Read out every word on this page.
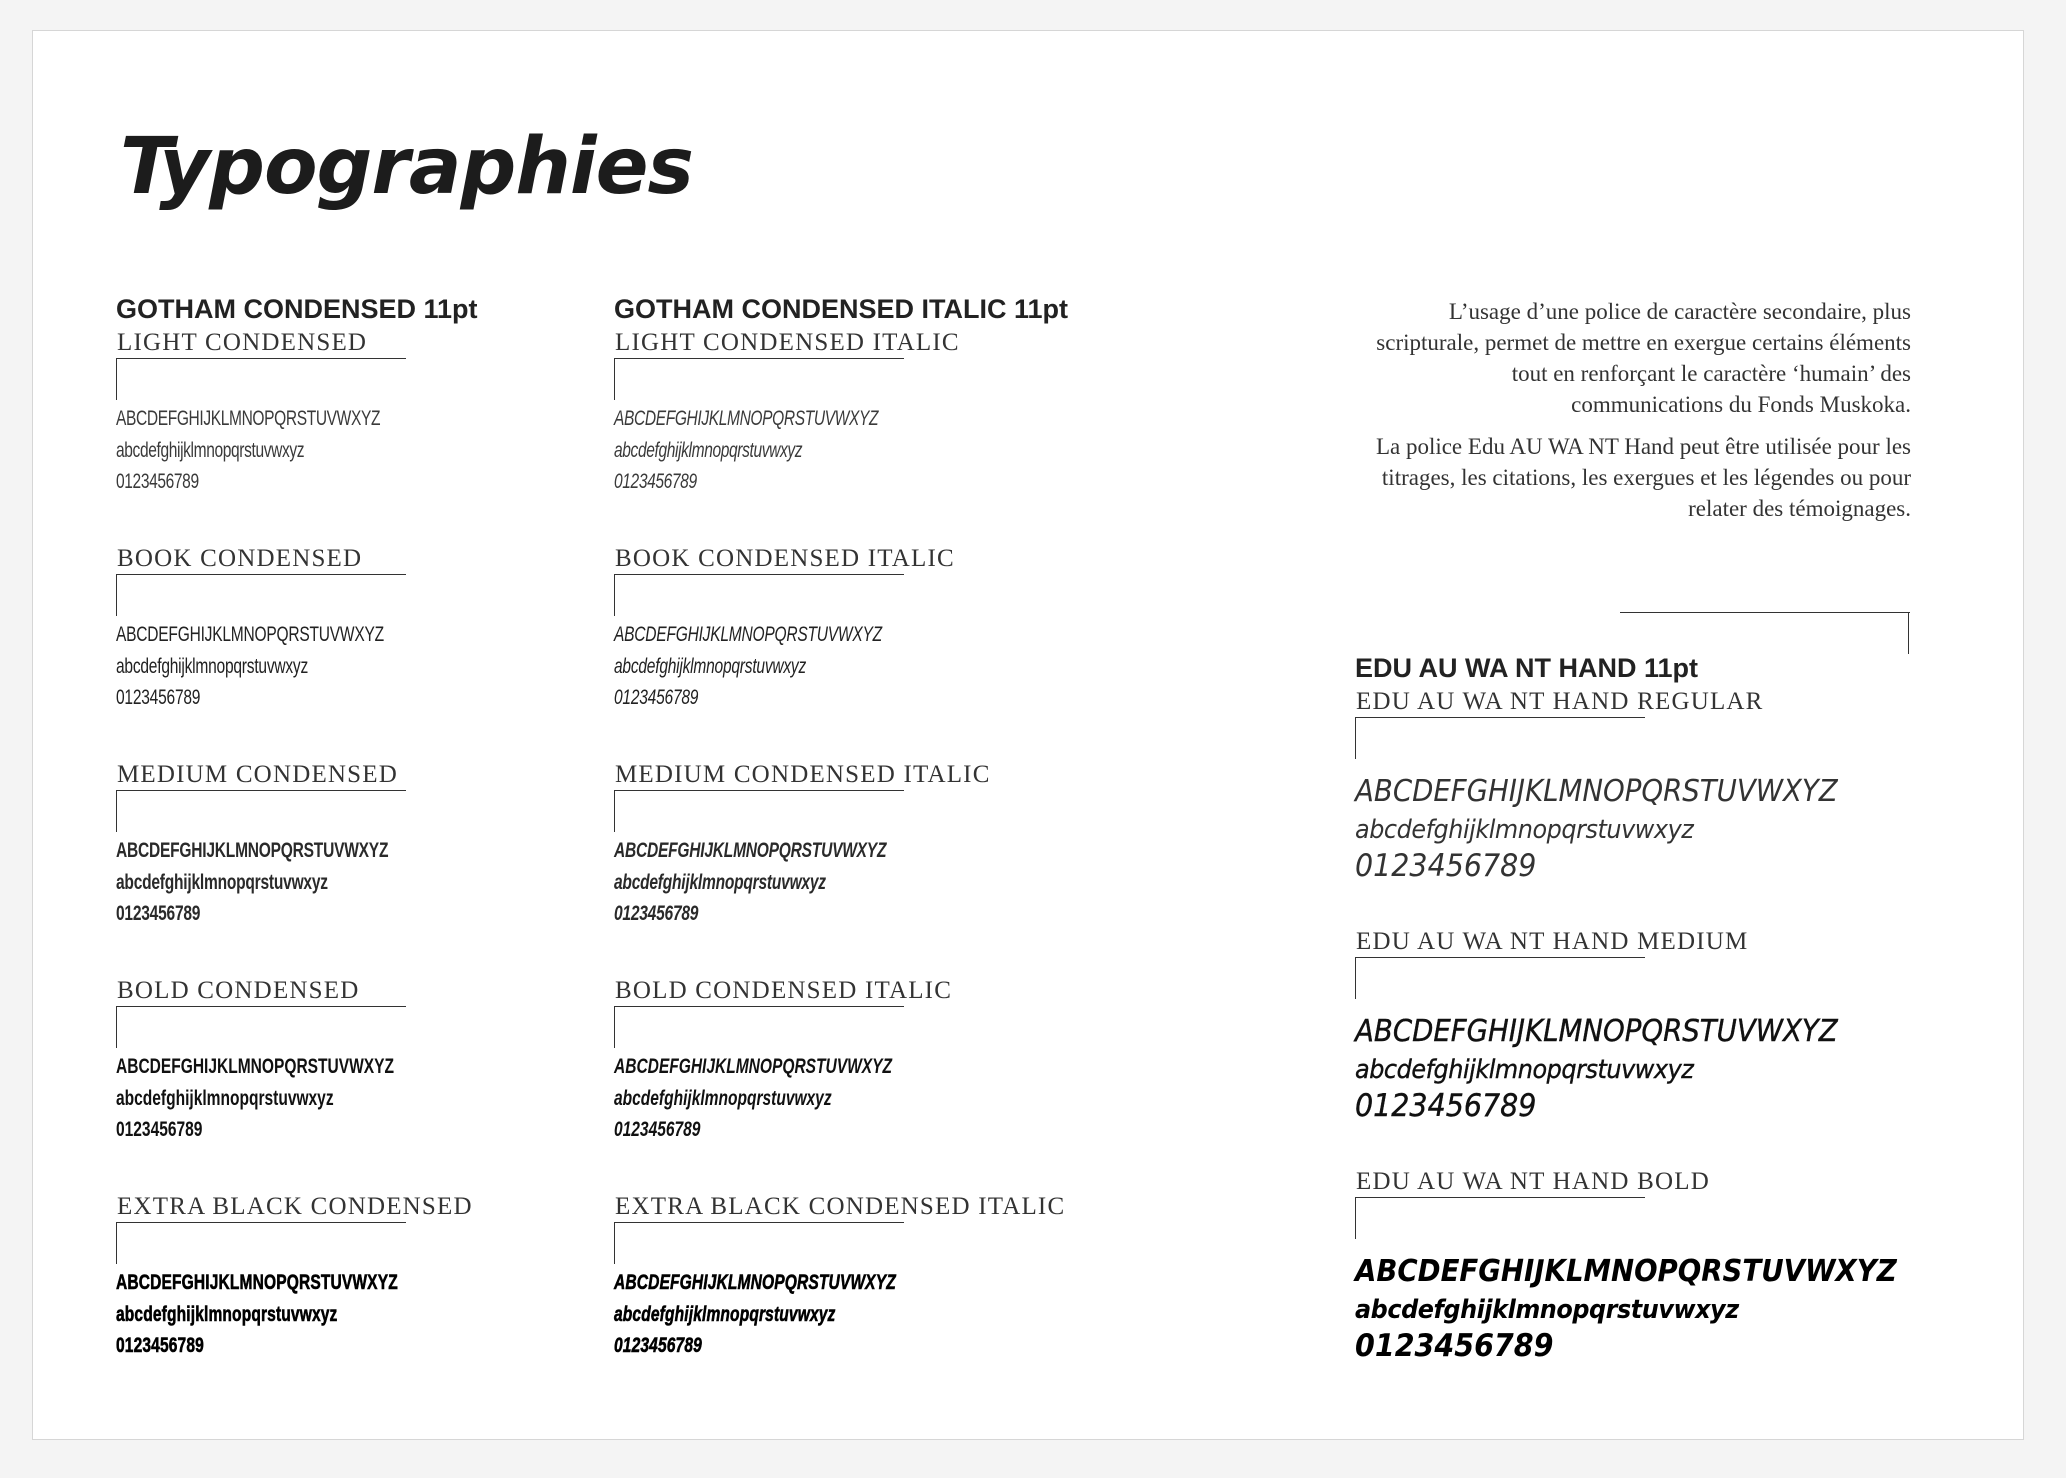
Typographies
GOTHAM CONDENSED 11pt
LIGHT CONDENSED
ABCDEFGHIJKLMNOPQRSTUVWXYZ
abcdefghijklmnopqrstuvwxyz
0123456789
BOOK CONDENSED
ABCDEFGHIJKLMNOPQRSTUVWXYZ
abcdefghijklmnopqrstuvwxyz
0123456789
MEDIUM CONDENSED
ABCDEFGHIJKLMNOPQRSTUVWXYZ
abcdefghijklmnopqrstuvwxyz
0123456789
BOLD CONDENSED
ABCDEFGHIJKLMNOPQRSTUVWXYZ
abcdefghijklmnopqrstuvwxyz
0123456789
EXTRA BLACK CONDENSED
ABCDEFGHIJKLMNOPQRSTUVWXYZ
abcdefghijklmnopqrstuvwxyz
0123456789
GOTHAM CONDENSED ITALIC 11pt
LIGHT CONDENSED ITALIC
ABCDEFGHIJKLMNOPQRSTUVWXYZ
abcdefghijklmnopqrstuvwxyz
0123456789
BOOK CONDENSED ITALIC
ABCDEFGHIJKLMNOPQRSTUVWXYZ
abcdefghijklmnopqrstuvwxyz
0123456789
MEDIUM CONDENSED ITALIC
ABCDEFGHIJKLMNOPQRSTUVWXYZ
abcdefghijklmnopqrstuvwxyz
0123456789
BOLD CONDENSED ITALIC
ABCDEFGHIJKLMNOPQRSTUVWXYZ
abcdefghijklmnopqrstuvwxyz
0123456789
EXTRA BLACK CONDENSED ITALIC
ABCDEFGHIJKLMNOPQRSTUVWXYZ
abcdefghijklmnopqrstuvwxyz
0123456789

L’usage d’une police de caractère secondaire, plus scripturale, permet de mettre en exergue certains éléments tout en renforçant le caractère ‘humain’ des communications du Fonds Muskoka.

La police Edu AU WA NT Hand peut être utilisée pour les titrages, les citations, les exergues et les légendes ou pour relater des témoignages.

EDU AU WA NT HAND 11pt
EDU AU WA NT HAND REGULAR
ABCDEFGHIJKLMNOPQRSTUVWXYZ
abcdefghijklmnopqrstuvwxyz
0123456789
EDU AU WA NT HAND MEDIUM
ABCDEFGHIJKLMNOPQRSTUVWXYZ
abcdefghijklmnopqrstuvwxyz
0123456789
EDU AU WA NT HAND BOLD
ABCDEFGHIJKLMNOPQRSTUVWXYZ
abcdefghijklmnopqrstuvwxyz
0123456789
